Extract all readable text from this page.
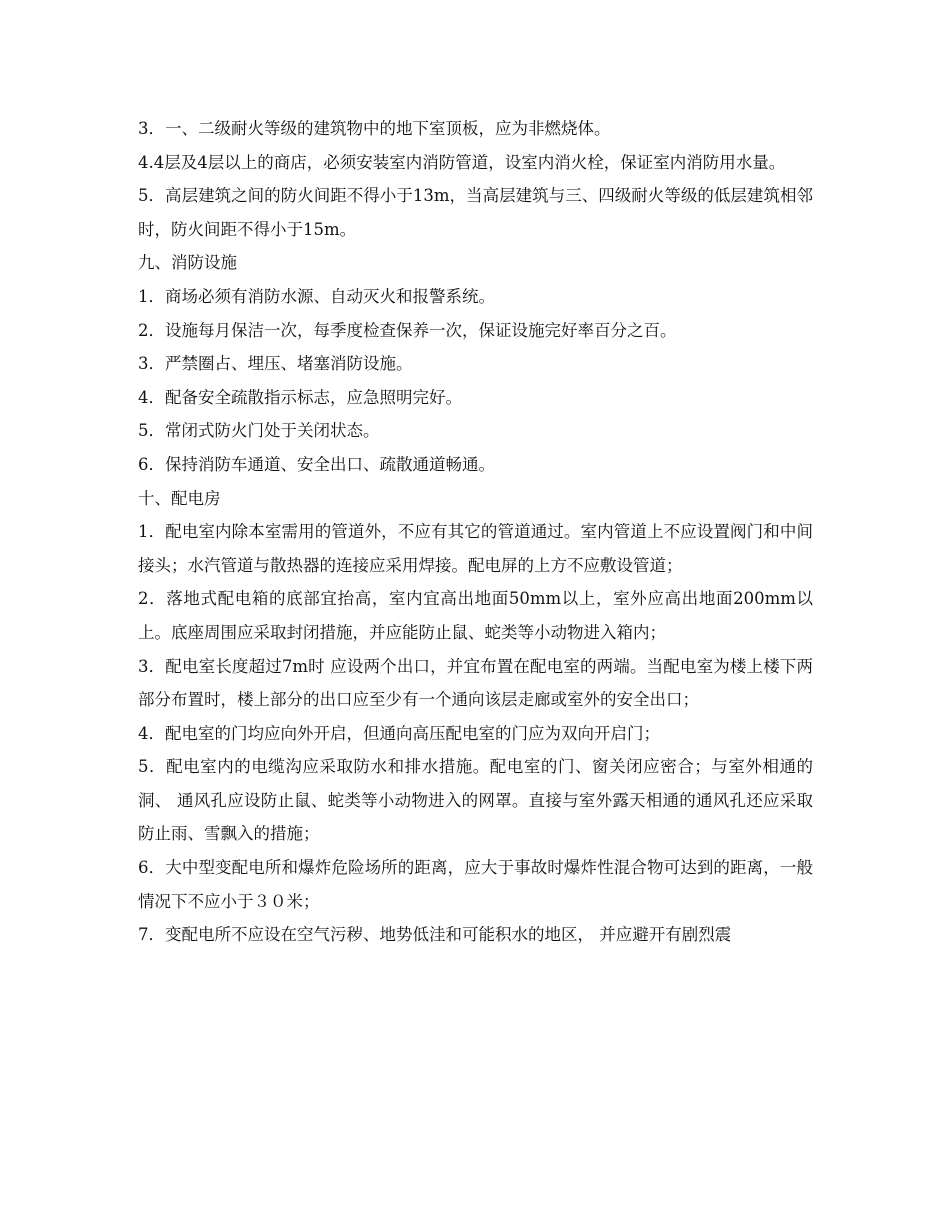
3．一、二级耐火等级的建筑物中的地下室顶板，应为非燃烧体。

4.4层及4层以上的商店，必须安装室内消防管道，设室内消火栓，保证室内消防用水量。

5．高层建筑之间的防火间距不得小于13m，当高层建筑与三、四级耐火等级的低层建筑相邻时，防火间距不得小于15m。

九、消防设施

1．商场必须有消防水源、自动灭火和报警系统。

2．设施每月保洁一次，每季度检查保养一次，保证设施完好率百分之百。

3．严禁圈占、埋压、堵塞消防设施。

4．配备安全疏散指示标志，应急照明完好。

5．常闭式防火门处于关闭状态。

6．保持消防车通道、安全出口、疏散通道畅通。

十、配电房

1．配电室内除本室需用的管道外，不应有其它的管道通过。室内管道上不应设置阀门和中间接头；水汽管道与散热器的连接应采用焊接。配电屏的上方不应敷设管道；

2．落地式配电箱的底部宜抬高，室内宜高出地面50mm以上，室外应高出地面200mm以上。底座周围应采取封闭措施，并应能防止鼠、蛇类等小动物进入箱内；

3．配电室长度超过7m时 应设两个出口，并宜布置在配电室的两端。当配电室为楼上楼下两部分布置时，楼上部分的出口应至少有一个通向该层走廊或室外的安全出口；

4．配电室的门均应向外开启，但通向高压配电室的门应为双向开启门；

5．配电室内的电缆沟应采取防水和排水措施。配电室的门、窗关闭应密合；与室外相通的洞、 通风孔应设防止鼠、蛇类等小动物进入的网罩。直接与室外露天相通的通风孔还应采取防止雨、雪飘入的措施；

6．大中型变配电所和爆炸危险场所的距离，应大于事故时爆炸性混合物可达到的距离，一般情况下不应小于３０米；

7．变配电所不应设在空气污秽、地势低洼和可能积水的地区， 并应避开有剧烈震
